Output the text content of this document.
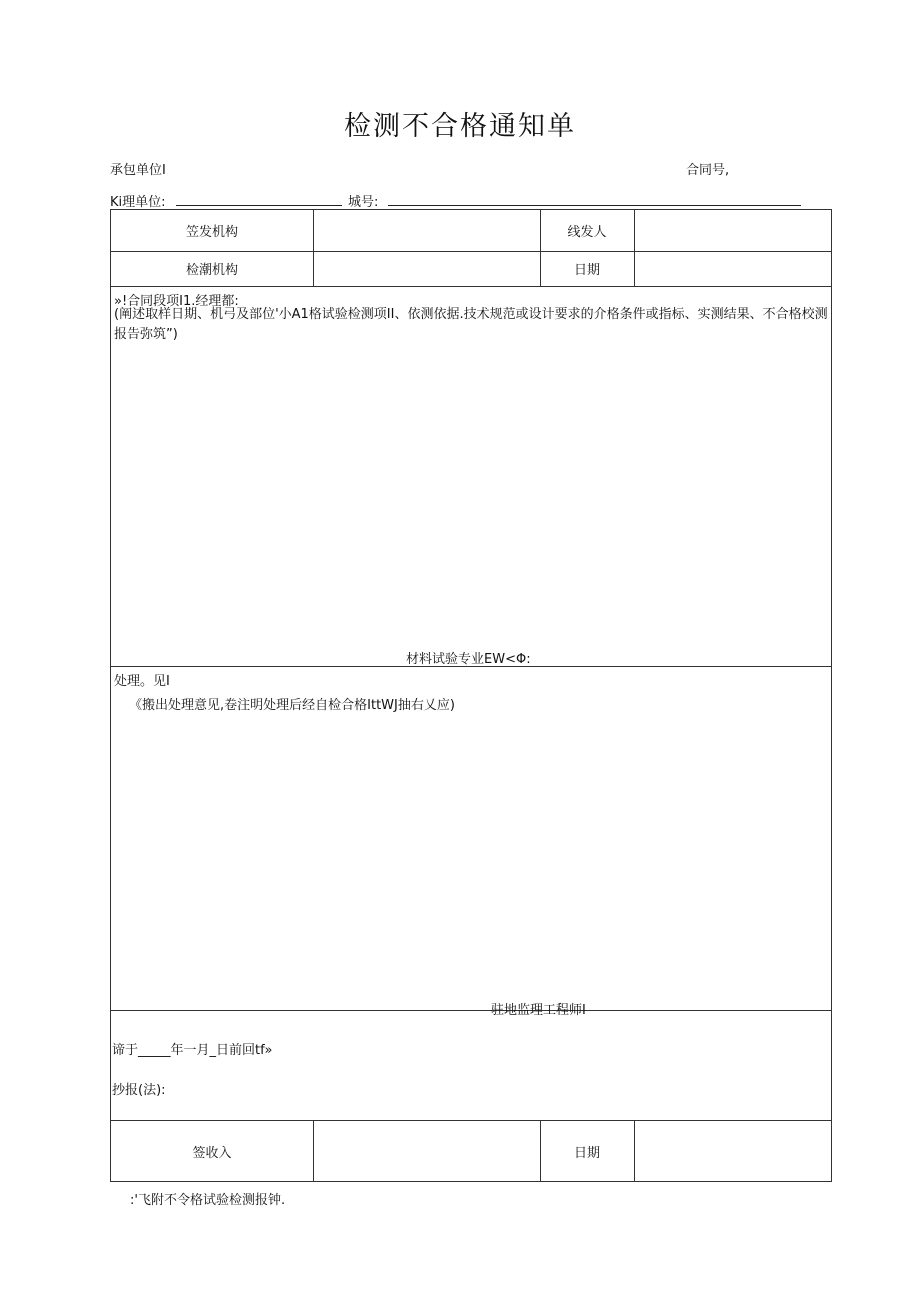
检测不合格通知单
承包单位I	合同号,
Ki理单位:	城号:
笠发机构	线发人
检潮机构	日期
»!合同段项I1.经理都:
(阐述取样日期、机弓及部位'小A1格试验检测项II、依测依据.技术规范或设计要求的介格条件或指标、实测结果、不合格校测报告弥筑”)
材料试验专业EW<Φ:
处理。见I
《搬出处理意见,卷注明处理后经自检合格IttWJ抽右乂应)
驻地监理工程师I
谛于_____年一月_日前回tf»
抄报(法):
签收入	日期
:'飞附不令格试验检测报钟.
